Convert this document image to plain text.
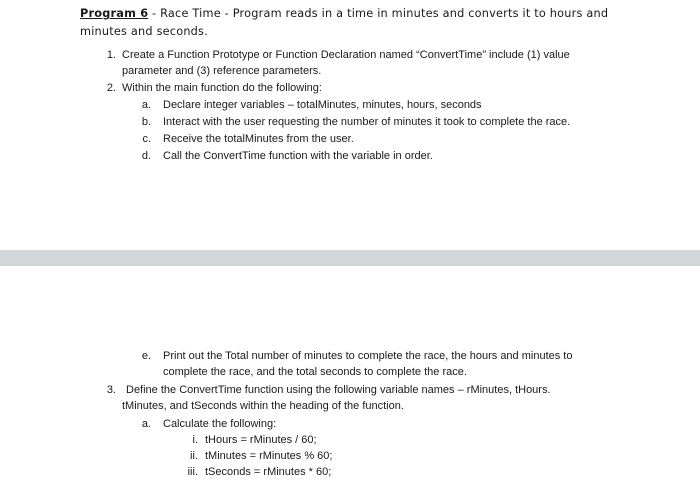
Program 6 - Race Time - Program reads in a time in minutes and converts it to hours and minutes and seconds.
1. Create a Function Prototype or Function Declaration named “ConvertTime” include (1) value parameter and (3) reference parameters.
2. Within the main function do the following:
a. Declare integer variables – totalMinutes, minutes, hours, seconds
b. Interact with the user requesting the number of minutes it took to complete the race.
c. Receive the totalMinutes from the user.
d. Call the ConvertTime function with the variable in order.
e. Print out the Total number of minutes to complete the race, the hours and minutes to complete the race, and the total seconds to complete the race.
3. Define the ConvertTime function using the following variable names – rMinutes, tHours. tMinutes, and tSeconds within the heading of the function.
a. Calculate the following:
i. tHours = rMinutes / 60;
ii. tMinutes = rMinutes % 60;
iii. tSeconds = rMinutes * 60;
